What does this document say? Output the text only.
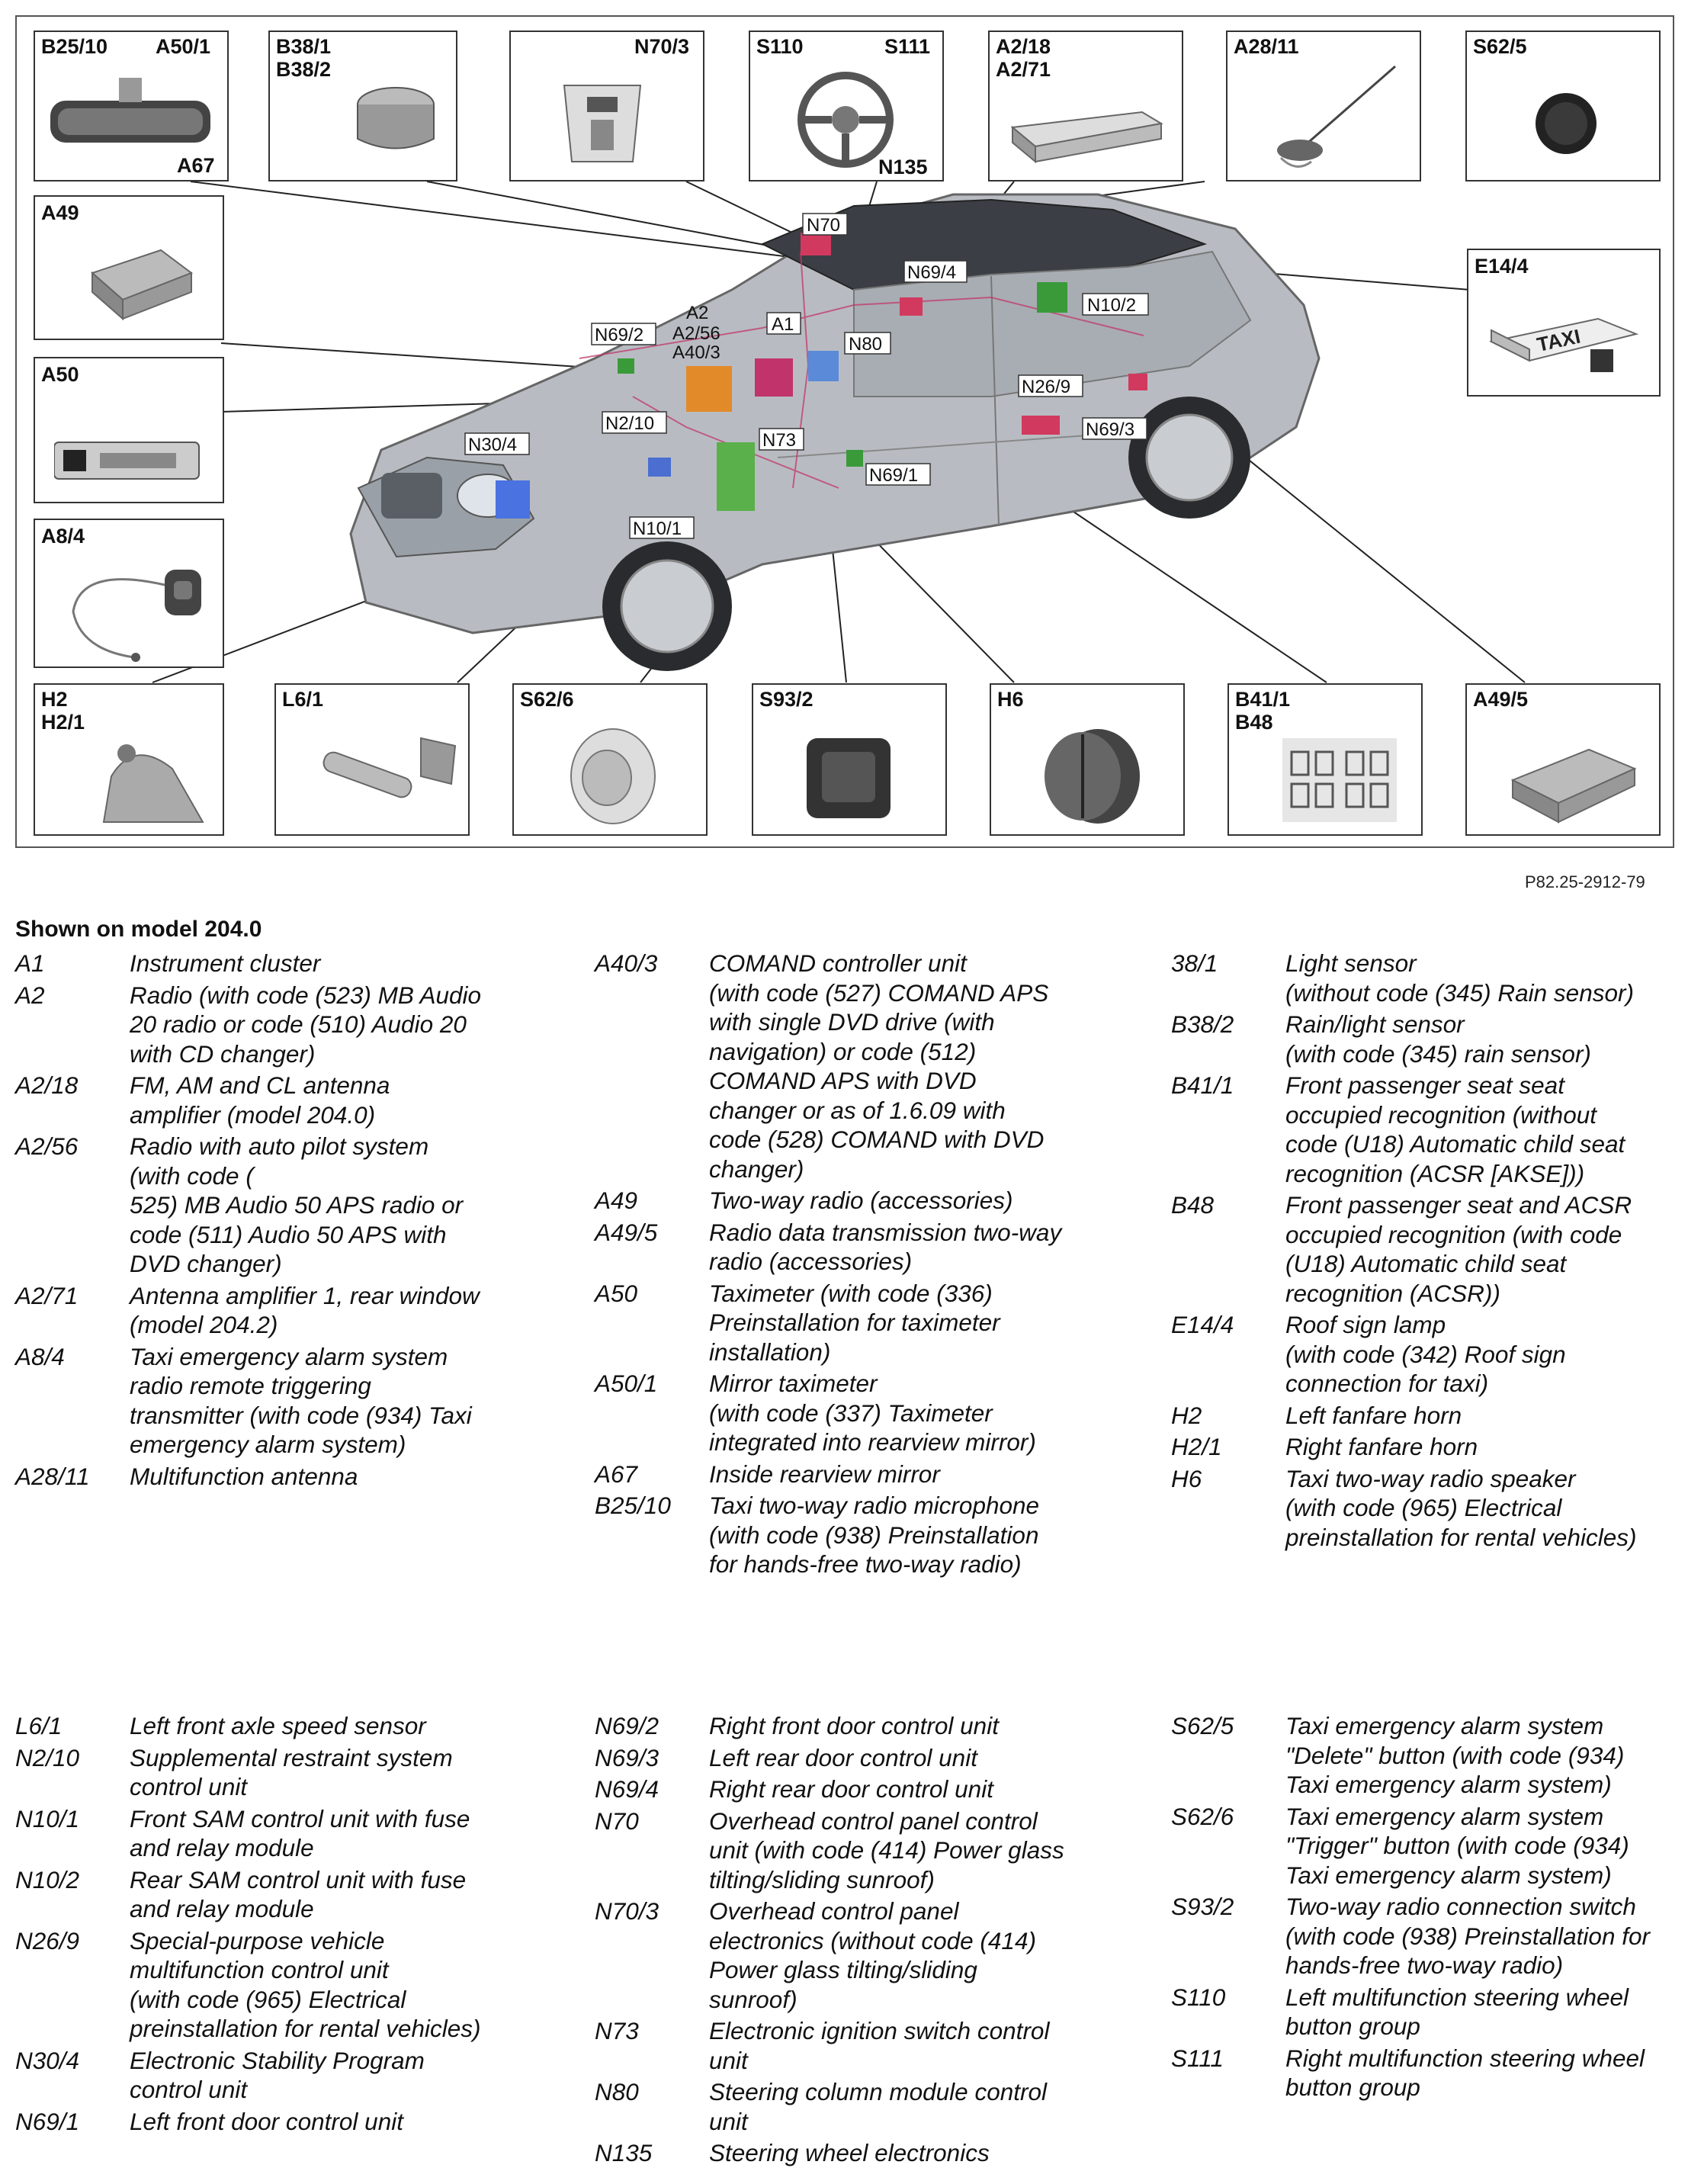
N70
N69/4
N10/2
N69/2
A2
A2/56
A40/3
A1
N80
N26/9
N69/3
N2/10
N30/4	N73
N69/1
N10/1
B25/10 A50/1
A67
B38/1
B38/2
N70/3	S110	S111
N135
A2/18
A2/71
A28/11	S62/5
A49
A50
A8/4
E14/4
TAXI
H2
H2/1
L6/1	S62/6	S93/2	H6	B41/1
B48
A49/5
P82.25-2912-79
Shown on model 204.0
A1	Instrument cluster
A2	Radio (with code (523) MB Audio
20 radio or code (510) Audio 20
with CD changer)
A2/18	FM, AM and CL antenna
amplifier (model 204.0)
A2/56	Radio with auto pilot system
(with code (
525) MB Audio 50 APS radio or
code (511) Audio 50 APS with
DVD changer)
A2/71	Antenna amplifier 1, rear window
(model 204.2)
A8/4	Taxi emergency alarm system
radio remote triggering
transmitter (with code (934) Taxi
emergency alarm system)
A28/11	Multifunction antenna
A40/3	COMAND controller unit
(with code (527) COMAND APS
with single DVD drive (with
navigation) or code (512)
COMAND APS with DVD
changer or as of 1.6.09 with
code (528) COMAND with DVD
changer)
A49	Two-way radio (accessories)
A49/5	Radio data transmission two-way
radio (accessories)
A50	Taximeter (with code (336)
Preinstallation for taximeter
installation)
A50/1	Mirror taximeter
(with code (337) Taximeter
integrated into rearview mirror)
A67	Inside rearview mirror
B25/10	Taxi two-way radio microphone
(with code (938) Preinstallation
for hands-free two-way radio)
38/1	Light sensor
(without code (345) Rain sensor)
B38/2	Rain/light sensor
(with code (345) rain sensor)
B41/1	Front passenger seat seat
occupied recognition (without
code (U18) Automatic child seat
recognition (ACSR [AKSE]))
B48	Front passenger seat and ACSR
occupied recognition (with code
(U18) Automatic child seat
recognition (ACSR))
E14/4	Roof sign lamp
(with code (342) Roof sign
connection for taxi)
H2	Left fanfare horn
H2/1	Right fanfare horn
H6	Taxi two-way radio speaker
(with code (965) Electrical
preinstallation for rental vehicles)
L6/1	Left front axle speed sensor
N2/10	Supplemental restraint system
control unit
N10/1	Front SAM control unit with fuse
and relay module
N10/2	Rear SAM control unit with fuse
and relay module
N26/9	Special-purpose vehicle
multifunction control unit
(with code (965) Electrical
preinstallation for rental vehicles)
N30/4	Electronic Stability Program
control unit
N69/1	Left front door control unit
N69/2	Right front door control unit
N69/3	Left rear door control unit
N69/4	Right rear door control unit
N70	Overhead control panel control
unit (with code (414) Power glass
tilting/sliding sunroof)
N70/3	Overhead control panel
electronics (without code (414)
Power glass tilting/sliding
sunroof)
N73	Electronic ignition switch control
unit
N80	Steering column module control
unit
N135	Steering wheel electronics
S62/5	Taxi emergency alarm system
"Delete" button (with code (934)
Taxi emergency alarm system)
S62/6	Taxi emergency alarm system
"Trigger" button (with code (934)
Taxi emergency alarm system)
S93/2	Two-way radio connection switch
(with code (938) Preinstallation for
hands-free two-way radio)
S110	Left multifunction steering wheel
button group
S111	Right multifunction steering wheel
button group
